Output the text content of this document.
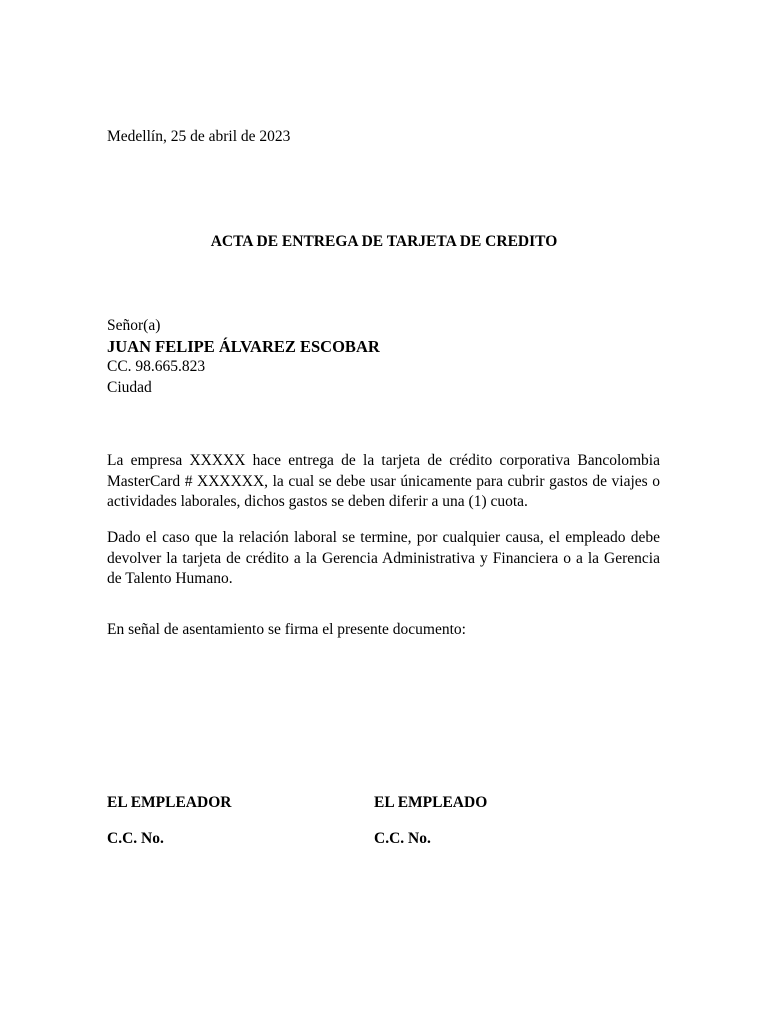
Medellín, 25 de abril de 2023

ACTA DE ENTREGA DE TARJETA DE CREDITO

Señor(a)
JUAN FELIPE ÁLVAREZ ESCOBAR
CC. 98.665.823
Ciudad

La empresa XXXXX hace entrega de la tarjeta de crédito corporativa Bancolombia MasterCard # XXXXXX, la cual se debe usar únicamente para cubrir gastos de viajes o actividades laborales, dichos gastos se deben diferir a una (1) cuota.

Dado el caso que la relación laboral se termine, por cualquier causa, el empleado debe devolver la tarjeta de crédito a la Gerencia Administrativa y Financiera o a la Gerencia de Talento Humano.

En señal de asentamiento se firma el presente documento:

EL EMPLEADOR	EL EMPLEADO

C.C. No.	C.C. No.
